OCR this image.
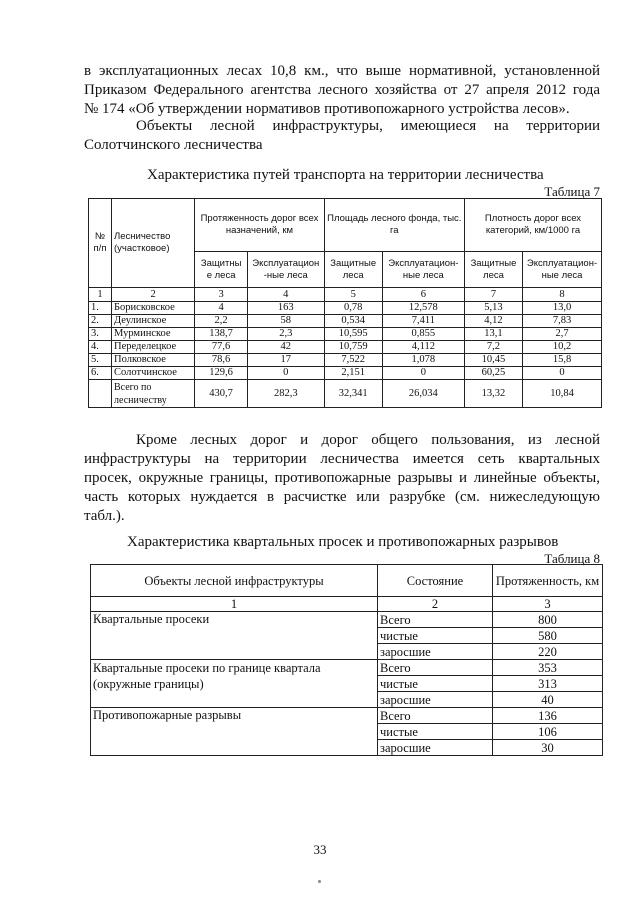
в эксплуатационных лесах 10,8 км., что выше нормативной, установленной
Приказом Федерального агентства лесного хозяйства от 27 апреля 2012 года
№ 174 «Об утверждении нормативов противопожарного устройства лесов».
Объекты лесной инфраструктуры, имеющиеся на территории
Солотчинского лесничества
Характеристика путей транспорта на территории лесничества
Таблица 7
№ п/п	Лесничество (участковое)	Протяженность дорог всех назначений, км		Площадь лесного фонда, тыс. га		Плотность дорог всех категорий, км/1000 га	
		Защитны е леса	Эксплуатацион -ные леса	Защитные леса	Эксплуатацион-ные леса	Защитные леса	Эксплуатацион-ные леса
1	2	3	4	5	6	7	8
1.	Борисковское	4	163	0,78	12,578	5,13	13,0
2.	Деулинское	2,2	58	0,534	7,411	4,12	7,83
3.	Мурминское	138,7	2,3	10,595	0,855	13,1	2,7
4.	Переделецкое	77,6	42	10,759	4,112	7,2	10,2
5.	Полковское	78,6	17	7,522	1,078	10,45	15,8
6.	Солотчинское	129,6	0	2,151	0	60,25	0
	Всего по лесничеству	430,7	282,3	32,341	26,034	13,32	10,84
Кроме лесных дорог и дорог общего пользования, из лесной
инфраструктуры на территории лесничества имеется сеть квартальных
просек, окружные границы, противопожарные разрывы и линейные объекты,
часть которых нуждается в расчистке или разрубке (см. нижеследующую
табл.).
Характеристика квартальных просек и противопожарных разрывов
Таблица 8
Объекты лесной инфраструктуры	Состояние	Протяженность, км
1	2	3
Квартальные просеки	Всего	800
	чистые	580
	заросшие	220
Квартальные просеки по границе квартала (окружные границы)	Всего	353
	чистые	313
	заросшие	40
Противопожарные разрывы	Всего	136
	чистые	106
	заросшие	30
33
